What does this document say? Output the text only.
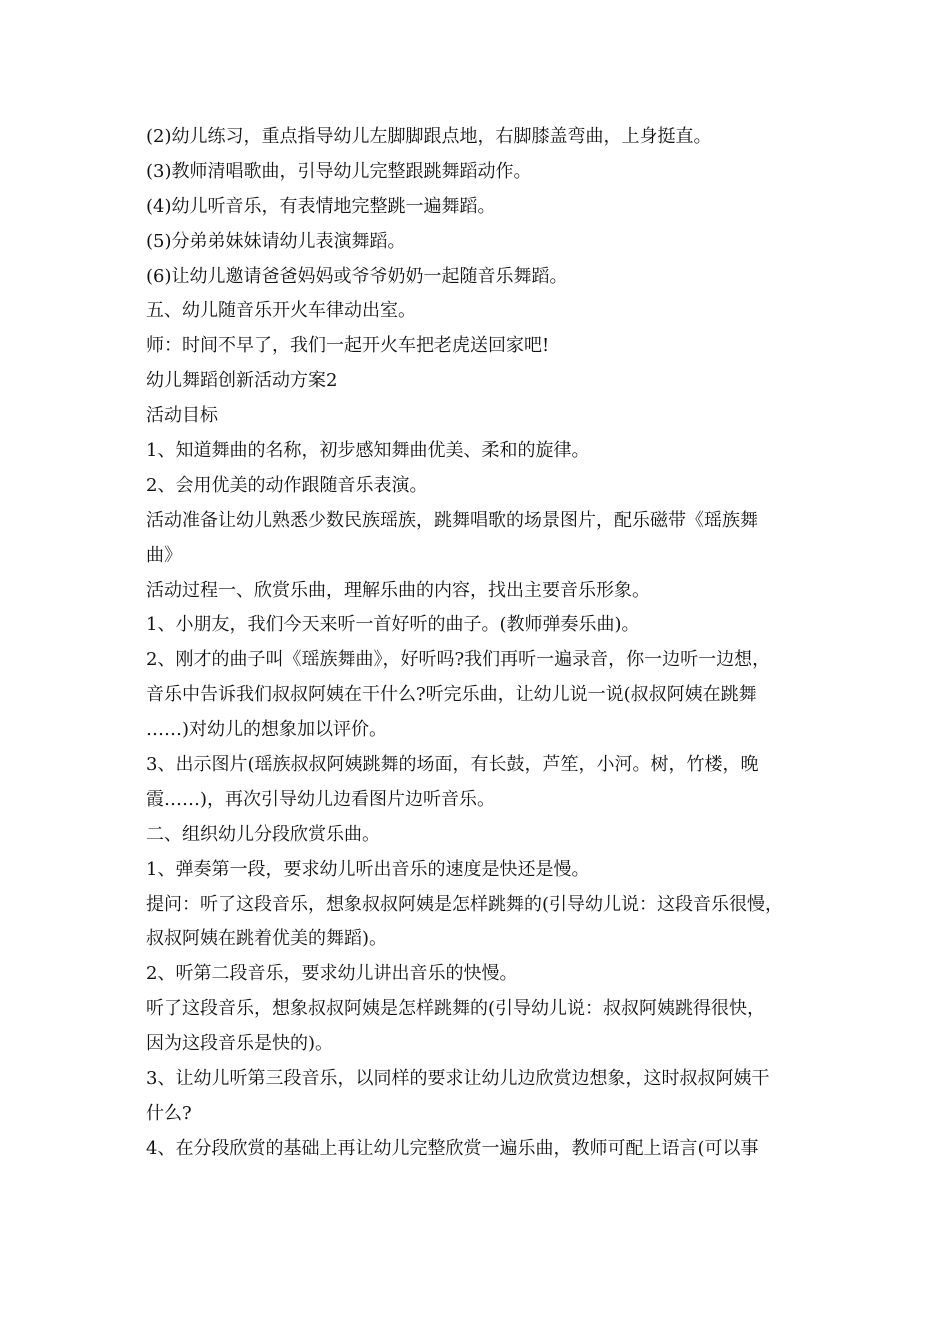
(2)幼儿练习，重点指导幼儿左脚脚跟点地，右脚膝盖弯曲，上身挺直。
(3)教师清唱歌曲，引导幼儿完整跟跳舞蹈动作。
(4)幼儿听音乐，有表情地完整跳一遍舞蹈。
(5)分弟弟妹妹请幼儿表演舞蹈。
(6)让幼儿邀请爸爸妈妈或爷爷奶奶一起随音乐舞蹈。
五、幼儿随音乐开火车律动出室。
师：时间不早了，我们一起开火车把老虎送回家吧!
幼儿舞蹈创新活动方案2
活动目标
1、知道舞曲的名称，初步感知舞曲优美、柔和的旋律。
2、会用优美的动作跟随音乐表演。
活动准备让幼儿熟悉少数民族瑶族，跳舞唱歌的场景图片，配乐磁带《瑶族舞
曲》
活动过程一、欣赏乐曲，理解乐曲的内容，找出主要音乐形象。
1、小朋友，我们今天来听一首好听的曲子。(教师弹奏乐曲)。
2、刚才的曲子叫《瑶族舞曲》，好听吗?我们再听一遍录音，你一边听一边想，
音乐中告诉我们叔叔阿姨在干什么?听完乐曲，让幼儿说一说(叔叔阿姨在跳舞
……)对幼儿的想象加以评价。
3、出示图片(瑶族叔叔阿姨跳舞的场面，有长鼓，芦笙，小河。树，竹楼，晚
霞……)，再次引导幼儿边看图片边听音乐。
二、组织幼儿分段欣赏乐曲。
1、弹奏第一段，要求幼儿听出音乐的速度是快还是慢。
提问：听了这段音乐，想象叔叔阿姨是怎样跳舞的(引导幼儿说：这段音乐很慢，
叔叔阿姨在跳着优美的舞蹈)。
2、听第二段音乐，要求幼儿讲出音乐的快慢。
听了这段音乐，想象叔叔阿姨是怎样跳舞的(引导幼儿说：叔叔阿姨跳得很快，
因为这段音乐是快的)。
3、让幼儿听第三段音乐，以同样的要求让幼儿边欣赏边想象，这时叔叔阿姨干
什么?
4、在分段欣赏的基础上再让幼儿完整欣赏一遍乐曲，教师可配上语言(可以事
